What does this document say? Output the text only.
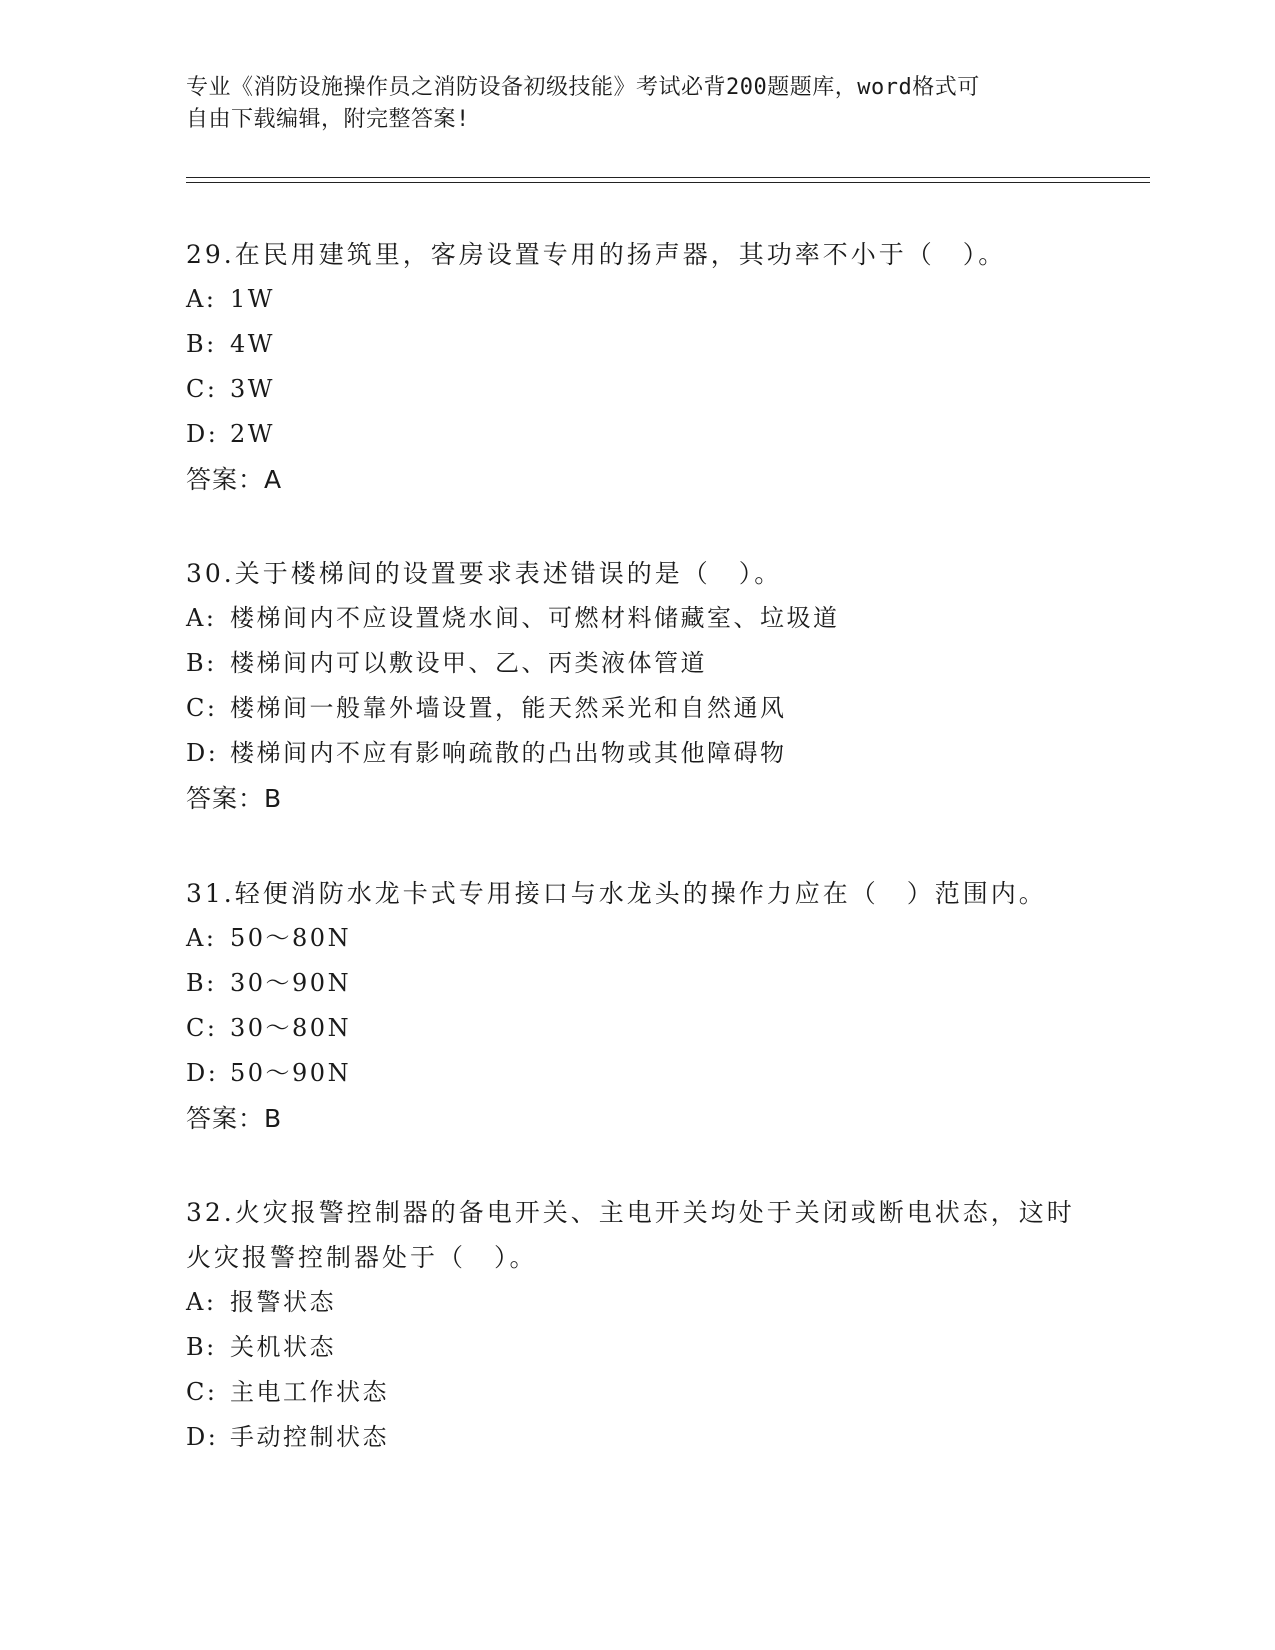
专业《消防设施操作员之消防设备初级技能》考试必背200题题库，word格式可
自由下载编辑，附完整答案!

29.在民用建筑里，客房设置专用的扬声器，其功率不小于（　）。

A: 1W

B: 4W

C: 3W

D: 2W

答案：A

30.关于楼梯间的设置要求表述错误的是（　）。

A: 楼梯间内不应设置烧水间、可燃材料储藏室、垃圾道

B: 楼梯间内可以敷设甲、乙、丙类液体管道

C: 楼梯间一般靠外墙设置，能天然采光和自然通风

D: 楼梯间内不应有影响疏散的凸出物或其他障碍物

答案：B

31.轻便消防水龙卡式专用接口与水龙头的操作力应在（　）范围内。

A: 50～80N

B: 30～90N

C: 30～80N

D: 50～90N

答案：B

32.火灾报警控制器的备电开关、主电开关均处于关闭或断电状态，这时火灾报警控制器处于（　）。

A: 报警状态

B: 关机状态

C: 主电工作状态

D: 手动控制状态
